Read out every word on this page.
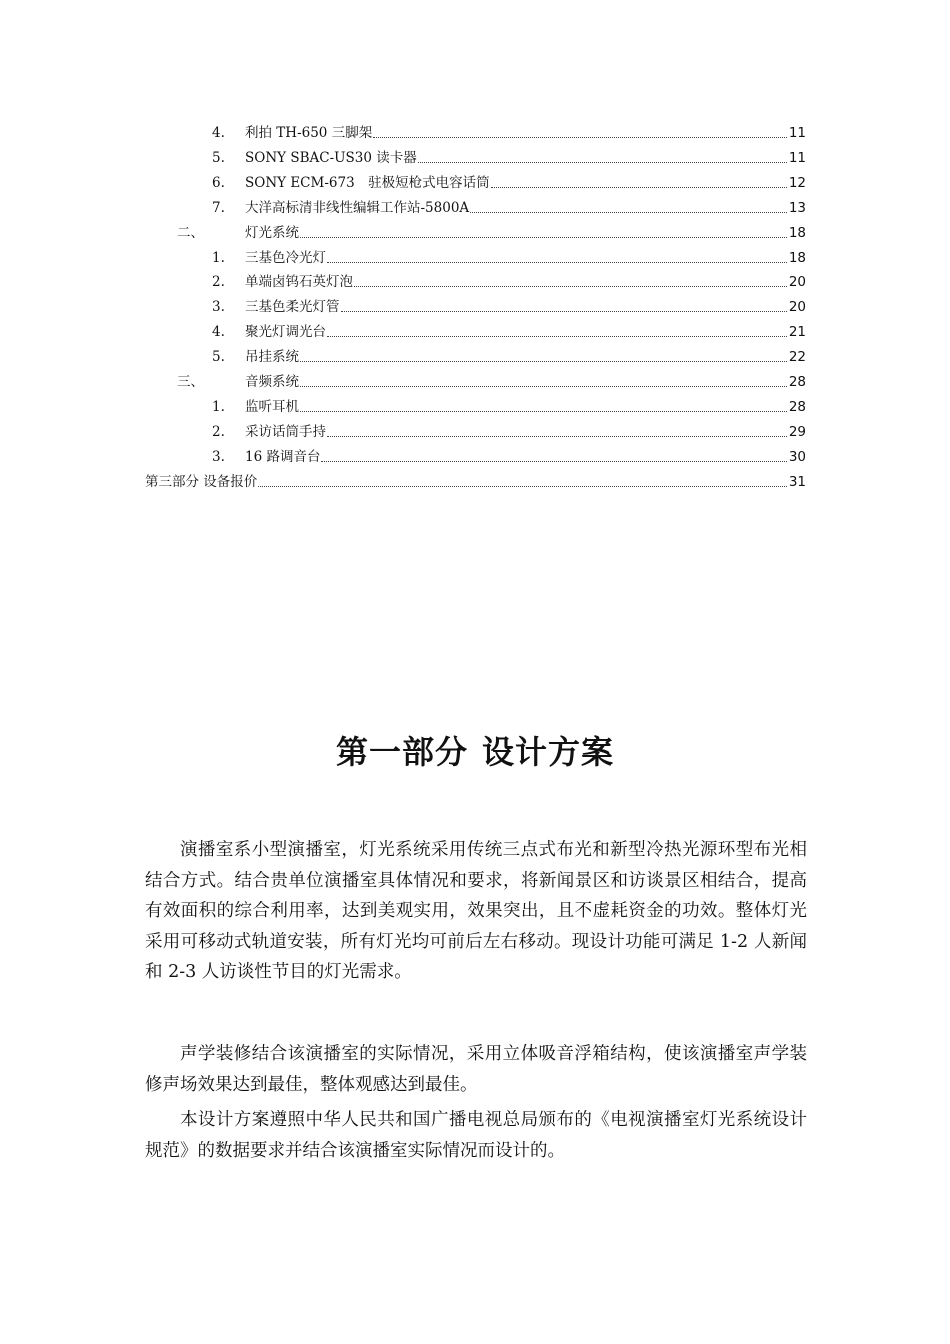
4.	利拍 TH-650 三脚架	11
5.	SONY SBAC-US30 读卡器	11
6.	SONY ECM-673　驻极短枪式电容话筒	12
7.	大洋高标清非线性编辑工作站-5800A	13
二、	灯光系统	18
1.	三基色冷光灯	18
2.	单端卤钨石英灯泡	20
3.	三基色柔光灯管	20
4.	聚光灯调光台	21
5.	吊挂系统	22
三、	音频系统	28
1.	监听耳机	28
2.	采访话筒手持	29
3.	16 路调音台	30
第三部分 设备报价	31
第一部分 设计方案

演播室系小型演播室，灯光系统采用传统三点式布光和新型冷热光源环型布光相结合方式。结合贵单位演播室具体情况和要求，将新闻景区和访谈景区相结合，提高有效面积的综合利用率，达到美观实用，效果突出，且不虚耗资金的功效。整体灯光采用可移动式轨道安装，所有灯光均可前后左右移动。现设计功能可满足 1-2 人新闻和 2-3 人访谈性节目的灯光需求。

声学装修结合该演播室的实际情况，采用立体吸音浮箱结构，使该演播室声学装修声场效果达到最佳，整体观感达到最佳。

本设计方案遵照中华人民共和国广播电视总局颁布的《电视演播室灯光系统设计规范》的数据要求并结合该演播室实际情况而设计的。
